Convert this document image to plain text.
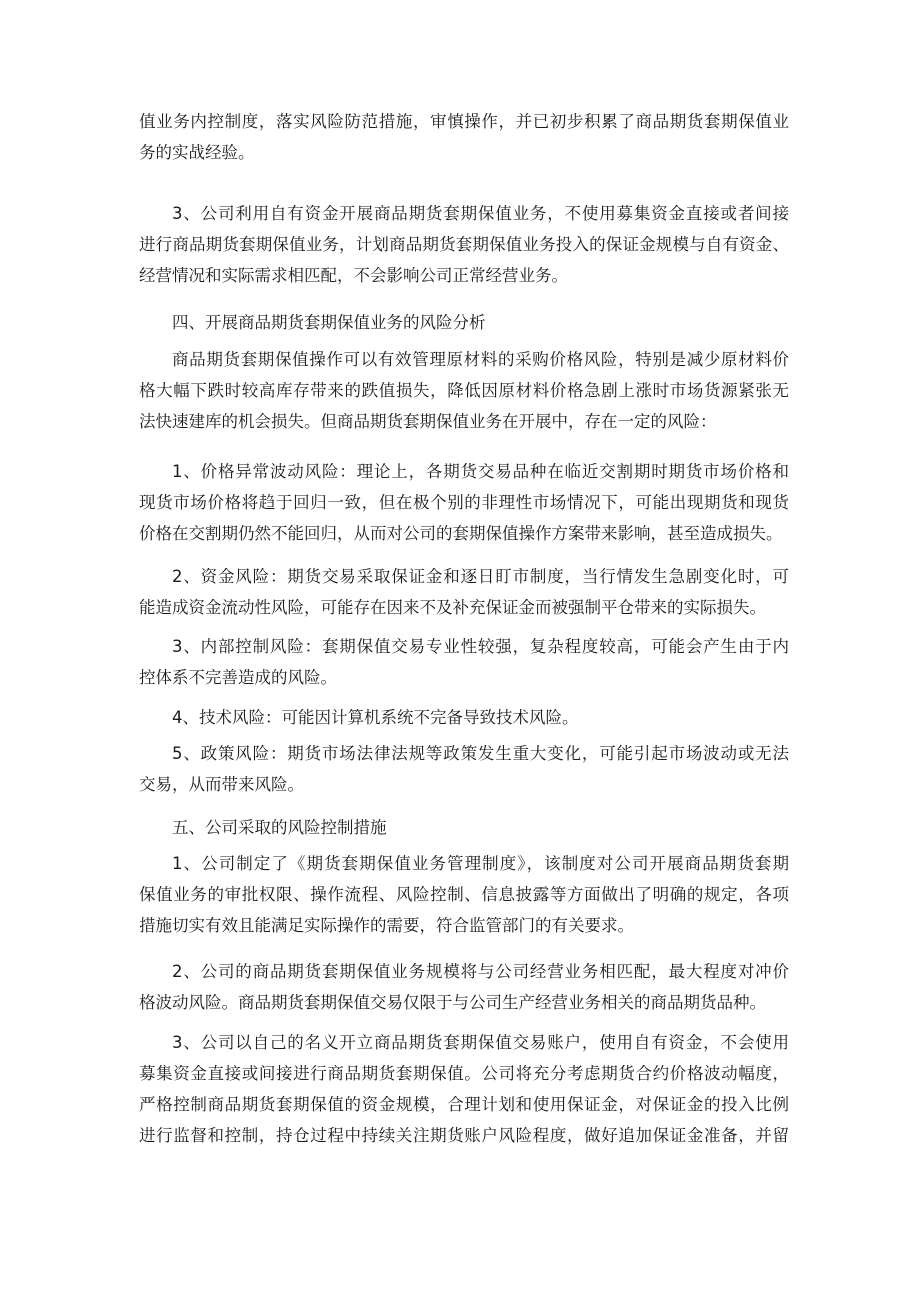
值业务内控制度，落实风险防范措施，审慎操作，并已初步积累了商品期货套期保值业
务的实战经验。

3、公司利用自有资金开展商品期货套期保值业务，不使用募集资金直接或者间接
进行商品期货套期保值业务，计划商品期货套期保值业务投入的保证金规模与自有资金、
经营情况和实际需求相匹配，不会影响公司正常经营业务。

四、开展商品期货套期保值业务的风险分析

商品期货套期保值操作可以有效管理原材料的采购价格风险，特别是减少原材料价
格大幅下跌时较高库存带来的跌值损失，降低因原材料价格急剧上涨时市场货源紧张无
法快速建库的机会损失。但商品期货套期保值业务在开展中，存在一定的风险：

1、价格异常波动风险：理论上，各期货交易品种在临近交割期时期货市场价格和
现货市场价格将趋于回归一致，但在极个别的非理性市场情况下，可能出现期货和现货
价格在交割期仍然不能回归，从而对公司的套期保值操作方案带来影响，甚至造成损失。

2、资金风险：期货交易采取保证金和逐日盯市制度，当行情发生急剧变化时，可
能造成资金流动性风险，可能存在因来不及补充保证金而被强制平仓带来的实际损失。

3、内部控制风险：套期保值交易专业性较强，复杂程度较高，可能会产生由于内
控体系不完善造成的风险。

4、技术风险：可能因计算机系统不完备导致技术风险。

5、政策风险：期货市场法律法规等政策发生重大变化，可能引起市场波动或无法
交易，从而带来风险。

五、公司采取的风险控制措施

1、公司制定了《期货套期保值业务管理制度》，该制度对公司开展商品期货套期
保值业务的审批权限、操作流程、风险控制、信息披露等方面做出了明确的规定，各项
措施切实有效且能满足实际操作的需要，符合监管部门的有关要求。

2、公司的商品期货套期保值业务规模将与公司经营业务相匹配，最大程度对冲价
格波动风险。商品期货套期保值交易仅限于与公司生产经营业务相关的商品期货品种。

3、公司以自己的名义开立商品期货套期保值交易账户，使用自有资金，不会使用
募集资金直接或间接进行商品期货套期保值。公司将充分考虑期货合约价格波动幅度，
严格控制商品期货套期保值的资金规模，合理计划和使用保证金，对保证金的投入比例
进行监督和控制，持仓过程中持续关注期货账户风险程度，做好追加保证金准备，并留
